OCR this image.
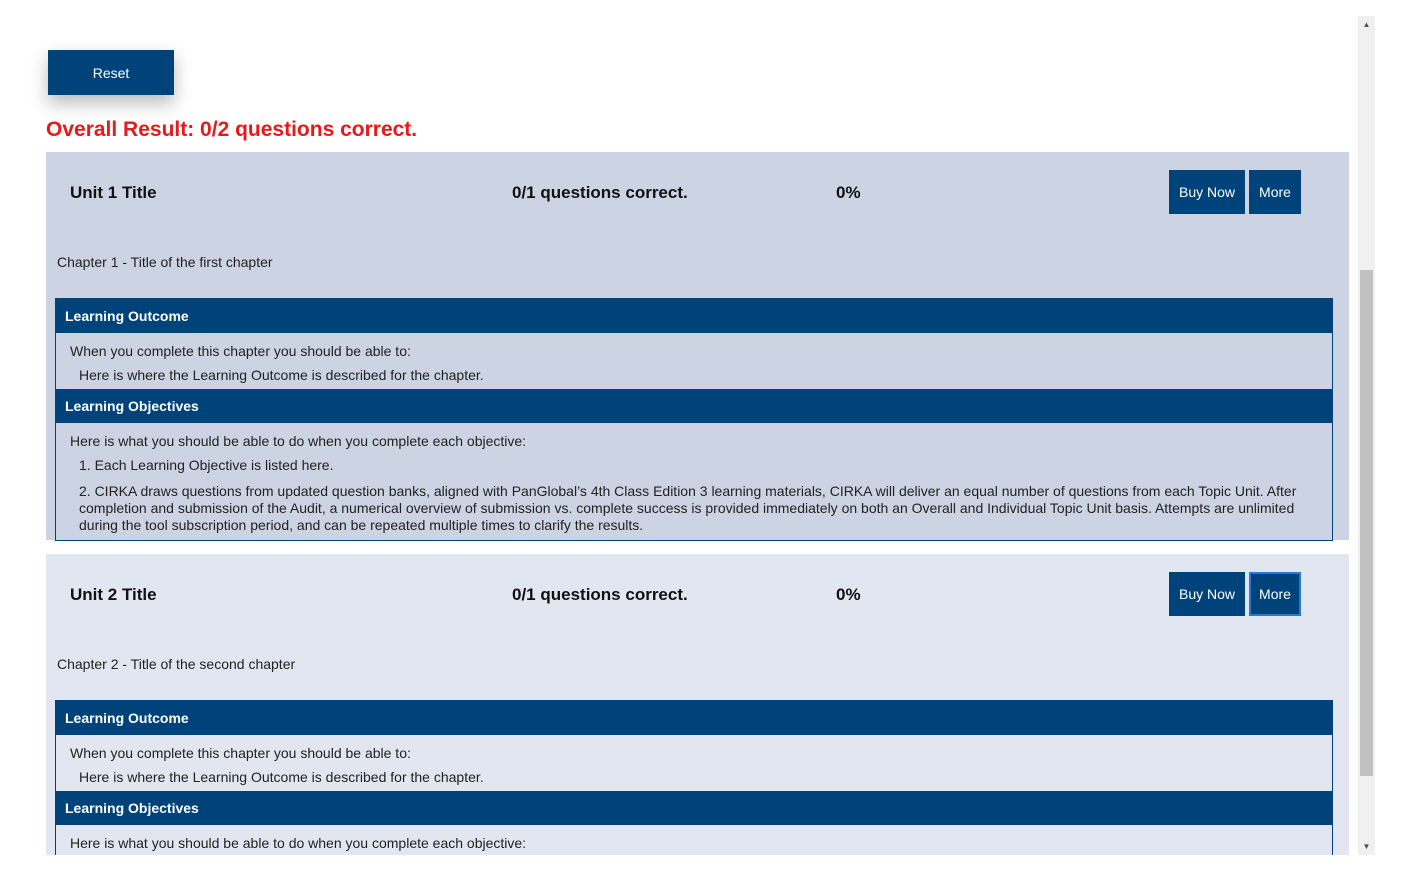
Reset
Overall Result: 0/2 questions correct.
Unit 1 Title	0/1 questions correct.	0%	Buy Now	More
Chapter 1 - Title of the first chapter
Learning Outcome

When you complete this chapter you should be able to:

Here is where the Learning Outcome is described for the chapter.

Learning Objectives

Here is what you should be able to do when you complete each objective:

1. Each Learning Objective is listed here.

2. CIRKA draws questions from updated question banks, aligned with PanGlobal’s 4th Class Edition 3 learning materials, CIRKA will deliver an equal number of questions from each Topic Unit. After completion and submission of the Audit, a numerical overview of submission vs. complete success is provided immediately on both an Overall and Individual Topic Unit basis. Attempts are unlimited during the tool subscription period, and can be repeated multiple times to clarify the results.

Unit 2 Title	0/1 questions correct.	0%	Buy Now	More
Chapter 2 - Title of the second chapter
Learning Outcome

When you complete this chapter you should be able to:

Here is where the Learning Outcome is described for the chapter.

Learning Objectives

Here is what you should be able to do when you complete each objective:

▲
▼
